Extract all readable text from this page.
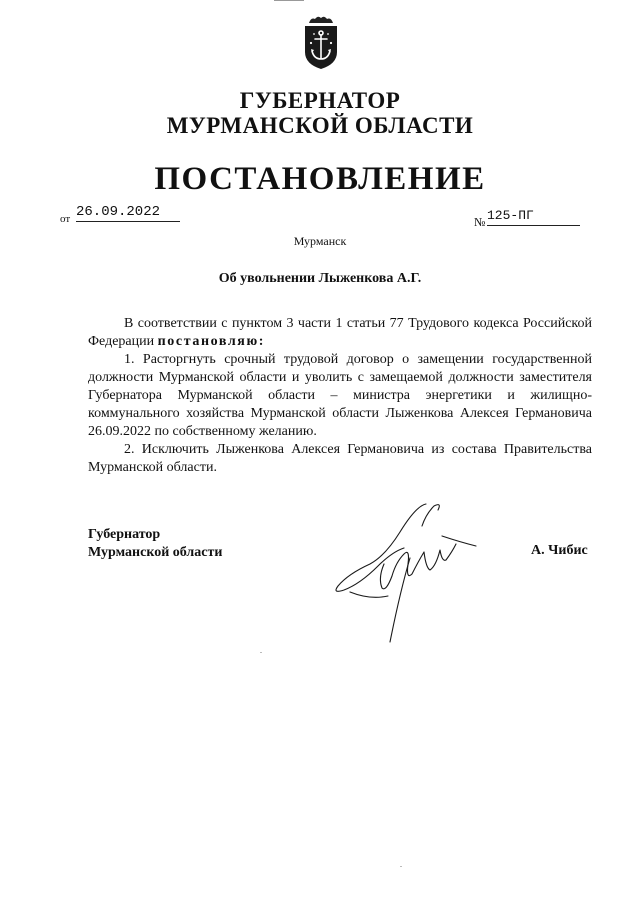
ГУБЕРНАТОР
МУРМАНСКОЙ ОБЛАСТИ
ПОСТАНОВЛЕНИЕ
от 26.09.2022
№ 125-ПГ
Мурманск
Об увольнении Лыженкова А.Г.
В соответствии с пунктом 3 части 1 статьи 77 Трудового кодекса Российской Федерации постановляю:
1. Расторгнуть срочный трудовой договор о замещении государственной должности Мурманской области и уволить с замещаемой должности заместителя Губернатора Мурманской области – министра энергетики и жилищно-коммунального хозяйства Мурманской области Лыженкова Алексея Германовича 26.09.2022 по собственному желанию.
2. Исключить Лыженкова Алексея Германовича из состава Правительства Мурманской области.
Губернатор
Мурманской области	А. Чибис
